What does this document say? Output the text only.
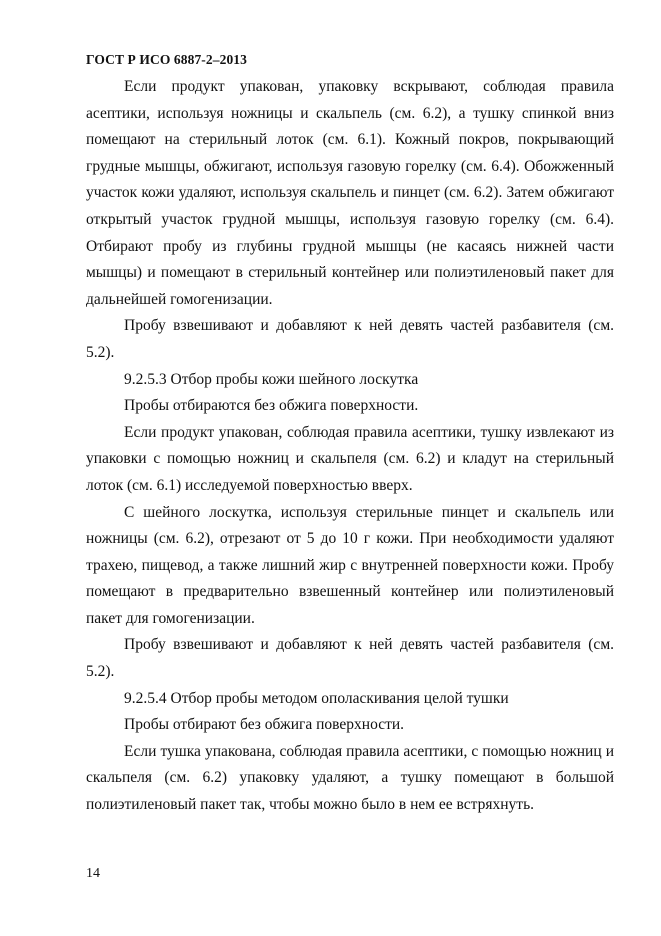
ГОСТ Р ИСО 6887-2–2013

Если продукт упакован, упаковку вскрывают, соблюдая правила асептики, используя ножницы и скальпель (см. 6.2), а тушку спинкой вниз помещают на стерильный лоток (см. 6.1). Кожный покров, покрывающий грудные мышцы, обжигают, используя газовую горелку (см. 6.4). Обожженный участок кожи удаляют, используя скальпель и пинцет (см. 6.2). Затем обжигают открытый участок грудной мышцы, используя газовую горелку (см. 6.4). Отбирают пробу из глубины грудной мышцы (не касаясь нижней части мышцы) и помещают в стерильный контейнер или полиэтиленовый пакет для дальнейшей гомогенизации.

Пробу взвешивают и добавляют к ней девять частей разбавителя (см. 5.2).

9.2.5.3 Отбор пробы кожи шейного лоскутка

Пробы отбираются без обжига поверхности.

Если продукт упакован, соблюдая правила асептики, тушку извлекают из упаковки с помощью ножниц и скальпеля (см. 6.2) и кладут на стерильный лоток (см. 6.1) исследуемой поверхностью вверх.

С шейного лоскутка, используя стерильные пинцет и скальпель или ножницы (см. 6.2), отрезают от 5 до 10 г кожи. При необходимости удаляют трахею, пищевод, а также лишний жир с внутренней поверхности кожи. Пробу помещают в предварительно взвешенный контейнер или полиэтиленовый пакет для гомогенизации.

Пробу взвешивают и добавляют к ней девять частей разбавителя (см. 5.2).

9.2.5.4 Отбор пробы методом ополаскивания целой тушки

Пробы отбирают без обжига поверхности.

Если тушка упакована, соблюдая правила асептики, с помощью ножниц и скальпеля (см. 6.2) упаковку удаляют, а тушку помещают в большой полиэтиленовый пакет так, чтобы можно было в нем ее встряхнуть.

14
